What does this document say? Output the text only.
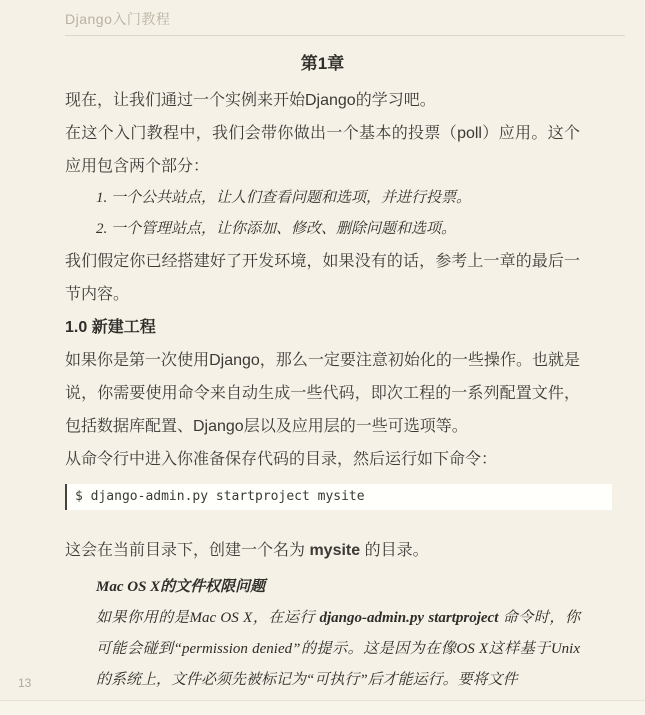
Django入门教程
第1章

现在，让我们通过一个实例来开始Django的学习吧。

在这个入门教程中，我们会带你做出一个基本的投票（poll）应用。这个应用包含两个部分：

1. 一个公共站点，让人们查看问题和选项，并进行投票。
2. 一个管理站点，让你添加、修改、删除问题和选项。

我们假定你已经搭建好了开发环境，如果没有的话，参考上一章的最后一节内容。

1.0 新建工程

如果你是第一次使用Django，那么一定要注意初始化的一些操作。也就是说，你需要使用命令来自动生成一些代码，即次工程的一系列配置文件，包括数据库配置、Django层以及应用层的一些可选项等。

从命令行中进入你准备保存代码的目录，然后运行如下命令：

$ django-admin.py startproject mysite

这会在当前目录下，创建一个名为 mysite 的目录。

Mac OS X的文件权限问题

如果你用的是Mac OS X，在运行 django-admin.py startproject 命令时，你可能会碰到“permission denied”的提示。这是因为在像OS X这样基于Unix的系统上，文件必须先被标记为“可执行”后才能运行。要将文件

13
